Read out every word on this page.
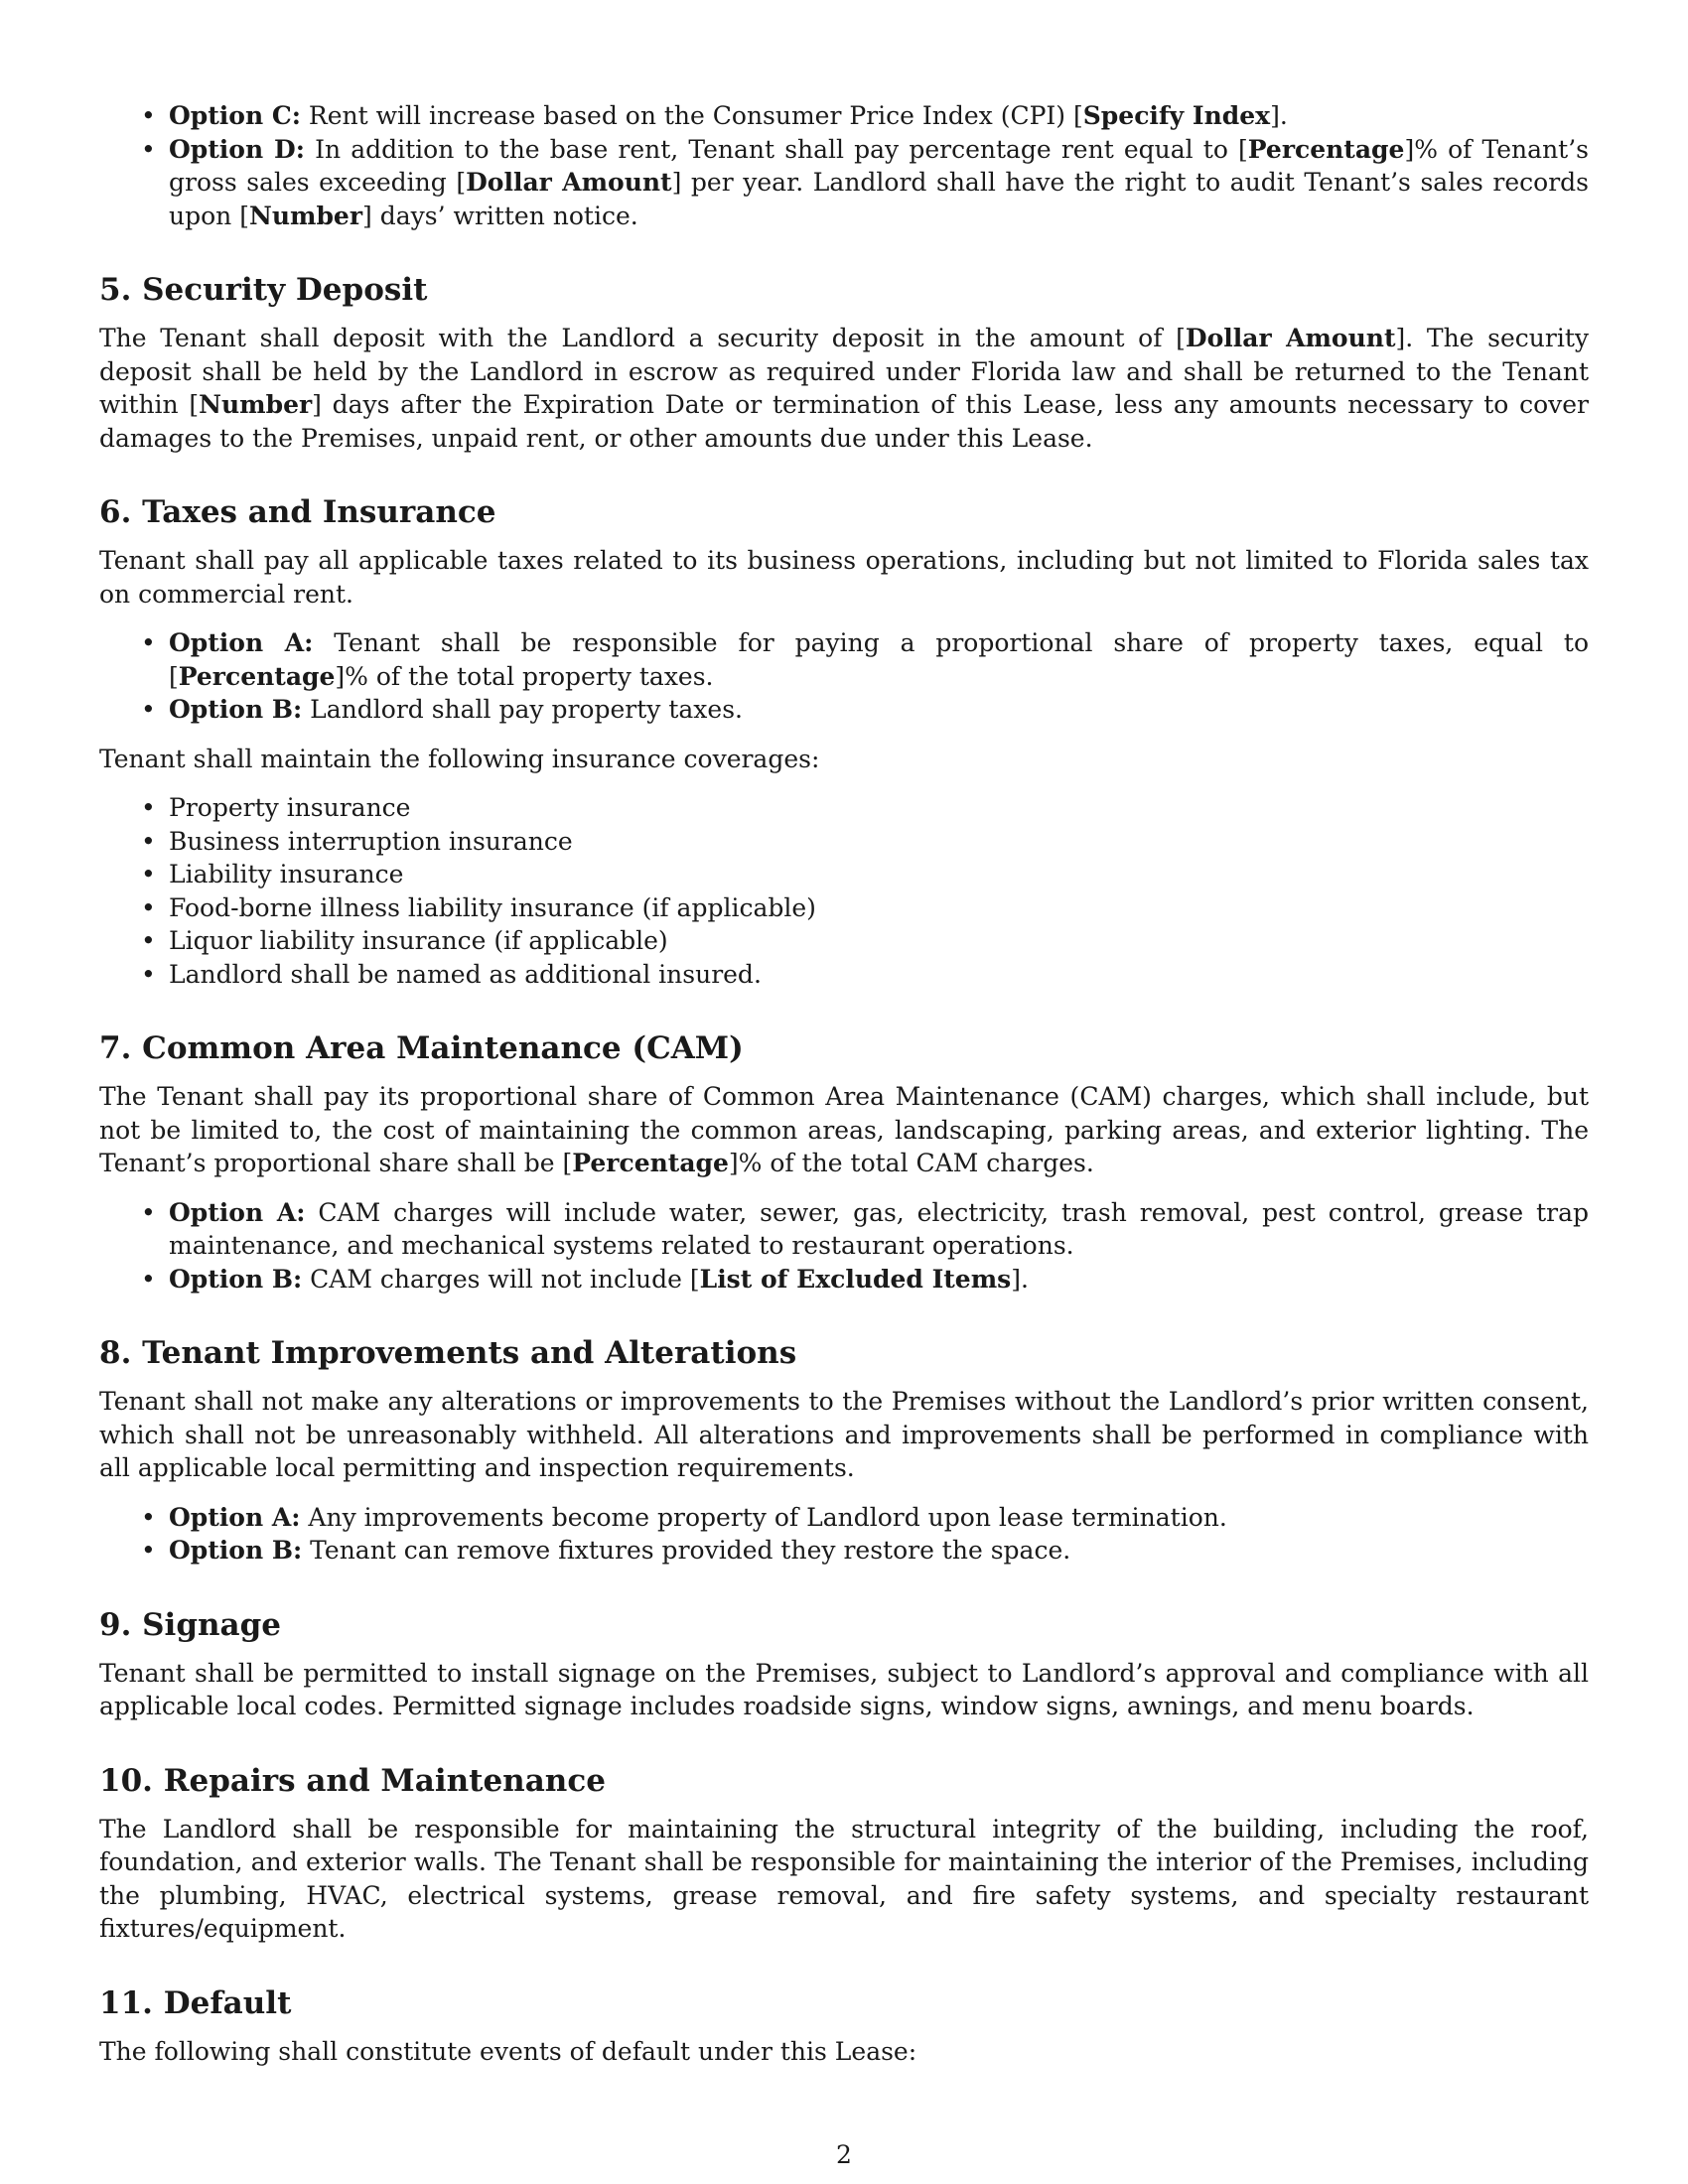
• Option C: Rent will increase based on the Consumer Price Index (CPI) [Specify Index].
• Option D: In addition to the base rent, Tenant shall pay percentage rent equal to [Percentage]% of Tenant’s gross sales exceeding [Dollar Amount] per year. Landlord shall have the right to audit Tenant’s sales records upon [Number] days’ written notice.
5. Security Deposit

The Tenant shall deposit with the Landlord a security deposit in the amount of [Dollar Amount]. The security deposit shall be held by the Landlord in escrow as required under Florida law and shall be returned to the Tenant within [Number] days after the Expiration Date or termination of this Lease, less any amounts necessary to cover damages to the Premises, unpaid rent, or other amounts due under this Lease.

6. Taxes and Insurance

Tenant shall pay all applicable taxes related to its business operations, including but not limited to Florida sales tax on commercial rent.

• Option A: Tenant shall be responsible for paying a proportional share of property taxes, equal to [Percentage]% of the total property taxes.
• Option B: Landlord shall pay property taxes.

Tenant shall maintain the following insurance coverages:

• Property insurance
• Business interruption insurance
• Liability insurance
• Food-borne illness liability insurance (if applicable)
• Liquor liability insurance (if applicable)
• Landlord shall be named as additional insured.
7. Common Area Maintenance (CAM)

The Tenant shall pay its proportional share of Common Area Maintenance (CAM) charges, which shall include, but not be limited to, the cost of maintaining the common areas, landscaping, parking areas, and exterior lighting. The Tenant’s proportional share shall be [Percentage]% of the total CAM charges.

• Option A: CAM charges will include water, sewer, gas, electricity, trash removal, pest control, grease trap maintenance, and mechanical systems related to restaurant operations.
• Option B: CAM charges will not include [List of Excluded Items].
8. Tenant Improvements and Alterations

Tenant shall not make any alterations or improvements to the Premises without the Landlord’s prior written consent, which shall not be unreasonably withheld. All alterations and improvements shall be performed in compliance with all applicable local permitting and inspection requirements.

• Option A: Any improvements become property of Landlord upon lease termination.
• Option B: Tenant can remove fixtures provided they restore the space.
9. Signage

Tenant shall be permitted to install signage on the Premises, subject to Landlord’s approval and compliance with all applicable local codes. Permitted signage includes roadside signs, window signs, awnings, and menu boards.

10. Repairs and Maintenance

The Landlord shall be responsible for maintaining the structural integrity of the building, including the roof, foundation, and exterior walls. The Tenant shall be responsible for maintaining the interior of the Premises, including the plumbing, HVAC, electrical systems, grease removal, and fire safety systems, and specialty restaurant fixtures/equipment.

11. Default

The following shall constitute events of default under this Lease:

2
